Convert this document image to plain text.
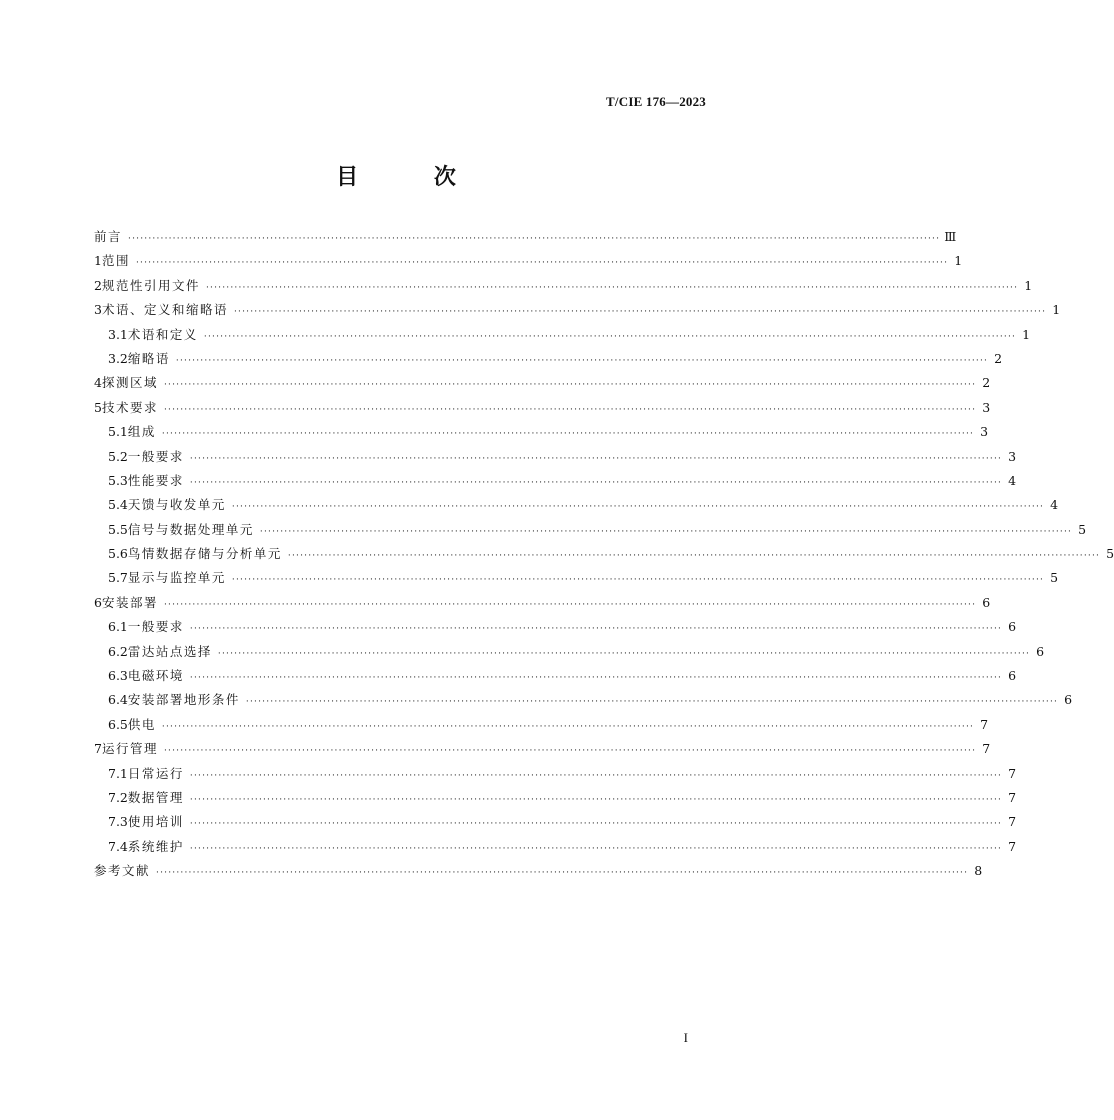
T/CIE 176—2023
目 次
前言 ········································································································································································································ Ⅲ
1 范围 ········································································································································································································ 1
2 规范性引用文件 ········································································································································································································ 1
3 术语、定义和缩略语 ········································································································································································································ 1
3.1 术语和定义 ········································································································································································································ 1
3.2 缩略语 ········································································································································································································ 2
4 探测区域 ········································································································································································································ 2
5 技术要求 ········································································································································································································ 3
5.1 组成 ········································································································································································································ 3
5.2 一般要求 ········································································································································································································ 3
5.3 性能要求 ········································································································································································································ 4
5.4 天馈与收发单元 ········································································································································································································ 4
5.5 信号与数据处理单元 ········································································································································································································ 5
5.6 鸟情数据存储与分析单元 ········································································································································································································ 5
5.7 显示与监控单元 ········································································································································································································ 5
6 安装部署 ········································································································································································································ 6
6.1 一般要求 ········································································································································································································ 6
6.2 雷达站点选择 ········································································································································································································ 6
6.3 电磁环境 ········································································································································································································ 6
6.4 安装部署地形条件 ········································································································································································································ 6
6.5 供电 ········································································································································································································ 7
7 运行管理 ········································································································································································································ 7
7.1 日常运行 ········································································································································································································ 7
7.2 数据管理 ········································································································································································································ 7
7.3 使用培训 ········································································································································································································ 7
7.4 系统维护 ········································································································································································································ 7
参考文献 ········································································································································································································ 8
I
